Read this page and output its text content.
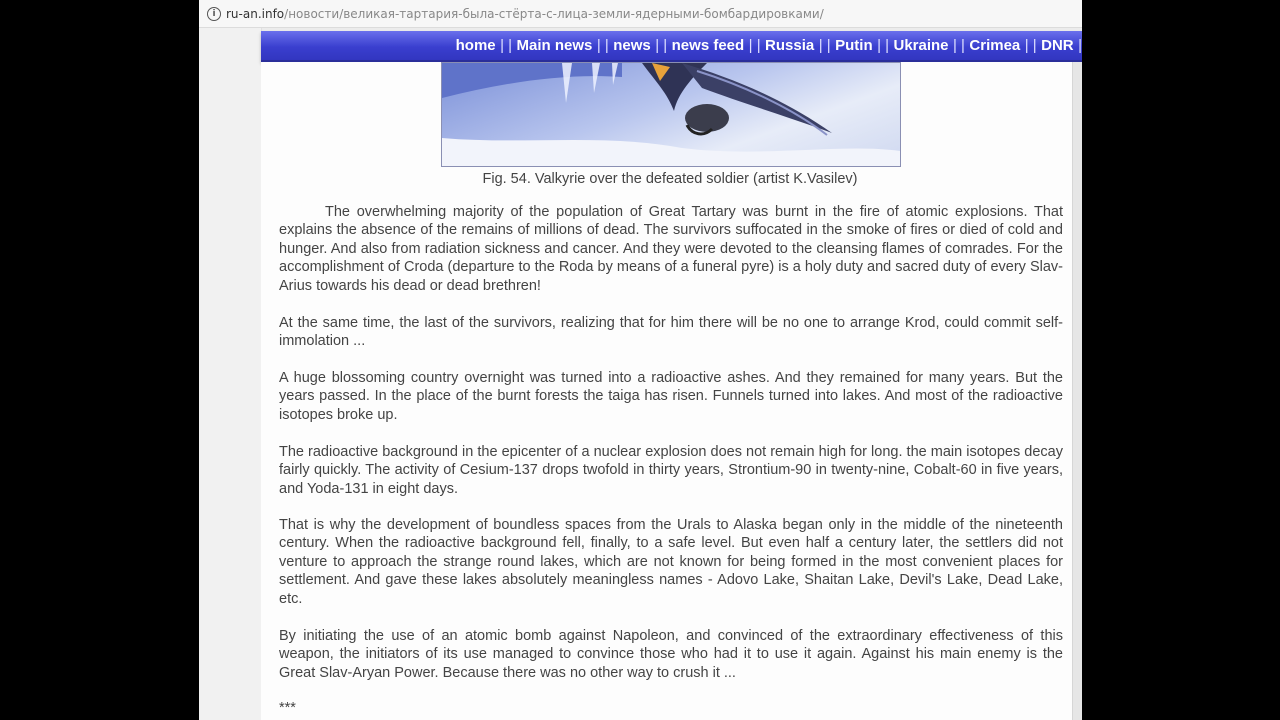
i ru-an.info/новости/великая-тартария-была-стёрта-с-лица-земли-ядерными-бомбардировками/
home | | Main news | | news | | news feed | | Russia | | Putin | | Ukraine | | Crimea | | DNR |
Fig. 54. Valkyrie over the defeated soldier (artist K.Vasilev)

The overwhelming majority of the population of Great Tartary was burnt in the fire of atomic explosions. That explains the absence of the remains of millions of dead. The survivors suffocated in the smoke of fires or died of cold and hunger. And also from radiation sickness and cancer. And they were devoted to the cleansing flames of comrades. For the accomplishment of Croda (departure to the Roda by means of a funeral pyre) is a holy duty and sacred duty of every Slav-Arius towards his dead or dead brethren!

At the same time, the last of the survivors, realizing that for him there will be no one to arrange Krod, could commit self-immolation ...

A huge blossoming country overnight was turned into a radioactive ashes. And they remained for many years. But the years passed. In the place of the burnt forests the taiga has risen. Funnels turned into lakes. And most of the radioactive isotopes broke up.

The radioactive background in the epicenter of a nuclear explosion does not remain high for long. the main isotopes decay fairly quickly. The activity of Cesium-137 drops twofold in thirty years, Strontium-90 in twenty-nine, Cobalt-60 in five years, and Yoda-131 in eight days.

That is why the development of boundless spaces from the Urals to Alaska began only in the middle of the nineteenth century. When the radioactive background fell, finally, to a safe level. But even half a century later, the settlers did not venture to approach the strange round lakes, which are not known for being formed in the most convenient places for settlement. And gave these lakes absolutely meaningless names - Adovo Lake, Shaitan Lake, Devil's Lake, Dead Lake, etc.

By initiating the use of an atomic bomb against Napoleon, and convinced of the extraordinary effectiveness of this weapon, the initiators of its use managed to convince those who had it to use it again. Against his main enemy is the Great Slav-Aryan Power. Because there was no other way to crush it ...

***
